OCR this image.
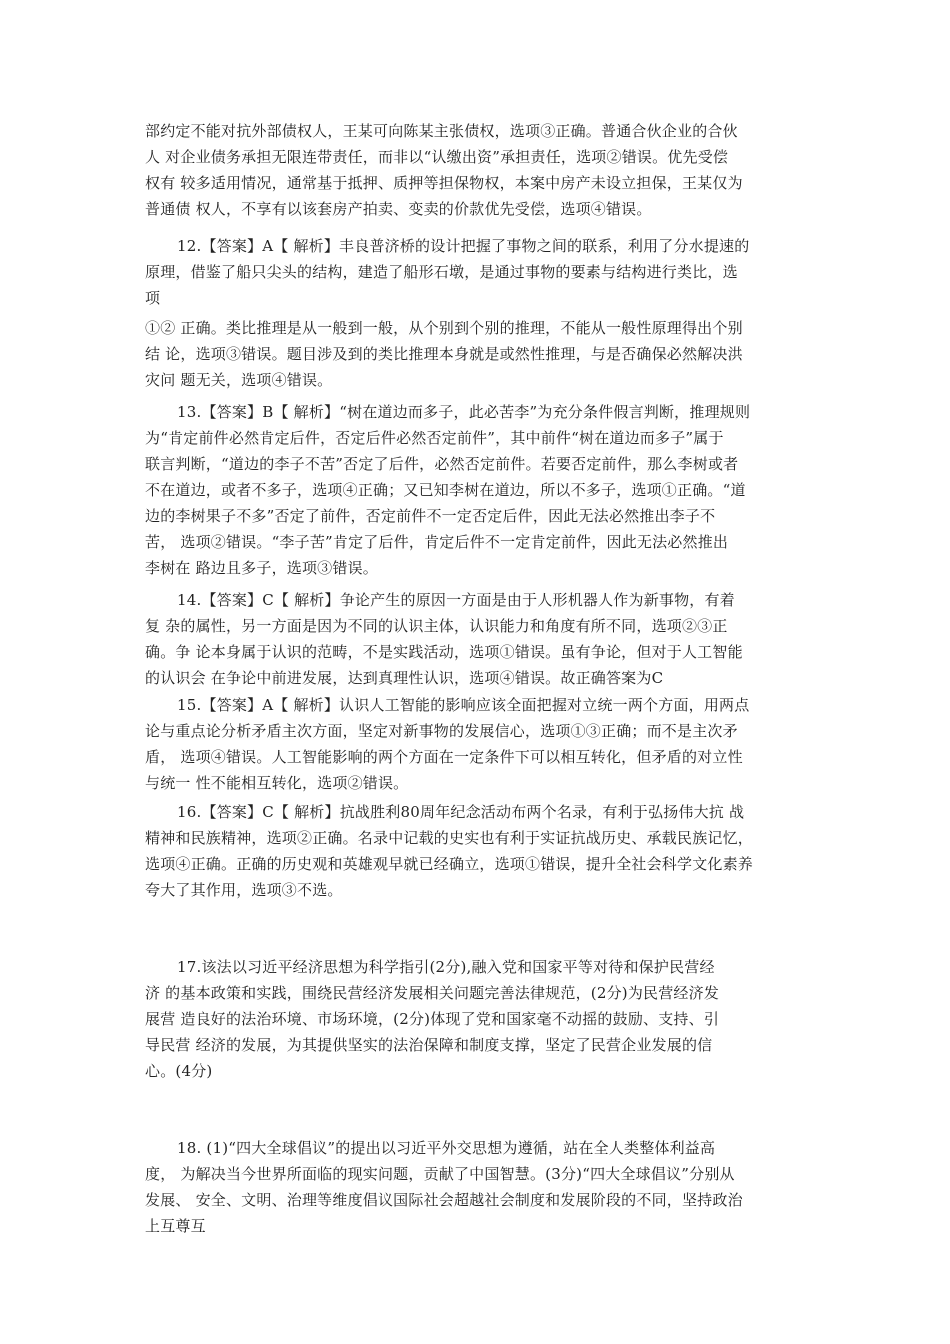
部约定不能对抗外部债权人，王某可向陈某主张债权，选项③正确。普通合伙企业的合伙
人 对企业债务承担无限连带责任，而非以“认缴出资”承担责任，选项②错误。优先受偿
权有 较多适用情况，通常基于抵押、质押等担保物权，本案中房产未设立担保，王某仅为
普通债 权人，不享有以该套房产拍卖、变卖的价款优先受偿，选项④错误。
12.【答案】A【 解析】丰良普济桥的设计把握了事物之间的联系，利用了分水提速的
原理，借鉴了船只尖头的结构，建造了船形石墩，是通过事物的要素与结构进行类比，选
项
①② 正确。类比推理是从一般到一般，从个别到个别的推理，不能从一般性原理得出个别
结 论，选项③错误。题目涉及到的类比推理本身就是或然性推理，与是否确保必然解决洪
灾问 题无关，选项④错误。
13.【答案】B【 解析】“树在道边而多子，此必苦李”为充分条件假言判断，推理规则
为“肯定前件必然肯定后件，否定后件必然否定前件”，其中前件“树在道边而多子”属于
联言判断，“道边的李子不苦”否定了后件，必然否定前件。若要否定前件，那么李树或者
不在道边，或者不多子，选项④正确；又已知李树在道边，所以不多子，选项①正确。“道
边的李树果子不多”否定了前件，否定前件不一定否定后件，因此无法必然推出李子不
苦， 选项②错误。“李子苦”肯定了后件，肯定后件不一定肯定前件，因此无法必然推出
李树在 路边且多子，选项③错误。
14.【答案】C【 解析】争论产生的原因一方面是由于人形机器人作为新事物，有着
复 杂的属性，另一方面是因为不同的认识主体，认识能力和角度有所不同，选项②③正
确。争 论本身属于认识的范畴，不是实践活动，选项①错误。虽有争论，但对于人工智能
的认识会 在争论中前进发展，达到真理性认识，选项④错误。故正确答案为C
15.【答案】A【 解析】认识人工智能的影响应该全面把握对立统一两个方面，用两点
论与重点论分析矛盾主次方面，坚定对新事物的发展信心，选项①③正确；而不是主次矛
盾， 选项④错误。人工智能影响的两个方面在一定条件下可以相互转化，但矛盾的对立性
与统一 性不能相互转化，选项②错误。
16.【答案】C【 解析】抗战胜利80周年纪念活动布两个名录，有利于弘扬伟大抗 战
精神和民族精神，选项②正确。名录中记载的史实也有利于实证抗战历史、承载民族记忆，
选项④正确。正确的历史观和英雄观早就已经确立，选项①错误，提升全社会科学文化素养
夸大了其作用，选项③不选。
17.该法以习近平经济思想为科学指引(2分),融入党和国家平等对待和保护民营经
济 的基本政策和实践，围绕民营经济发展相关问题完善法律规范，(2分)为民营经济发
展营 造良好的法治环境、市场环境，(2分)体现了党和国家毫不动摇的鼓励、支持、引
导民营 经济的发展，为其提供坚实的法治保障和制度支撑，坚定了民营企业发展的信
心。(4分)
18. (1)“四大全球倡议”的提出以习近平外交思想为遵循，站在全人类整体利益高
度， 为解决当今世界所面临的现实问题，贡献了中国智慧。(3分)“四大全球倡议”分别从
发展、 安全、文明、治理等维度倡议国际社会超越社会制度和发展阶段的不同，坚持政治
上互尊互
